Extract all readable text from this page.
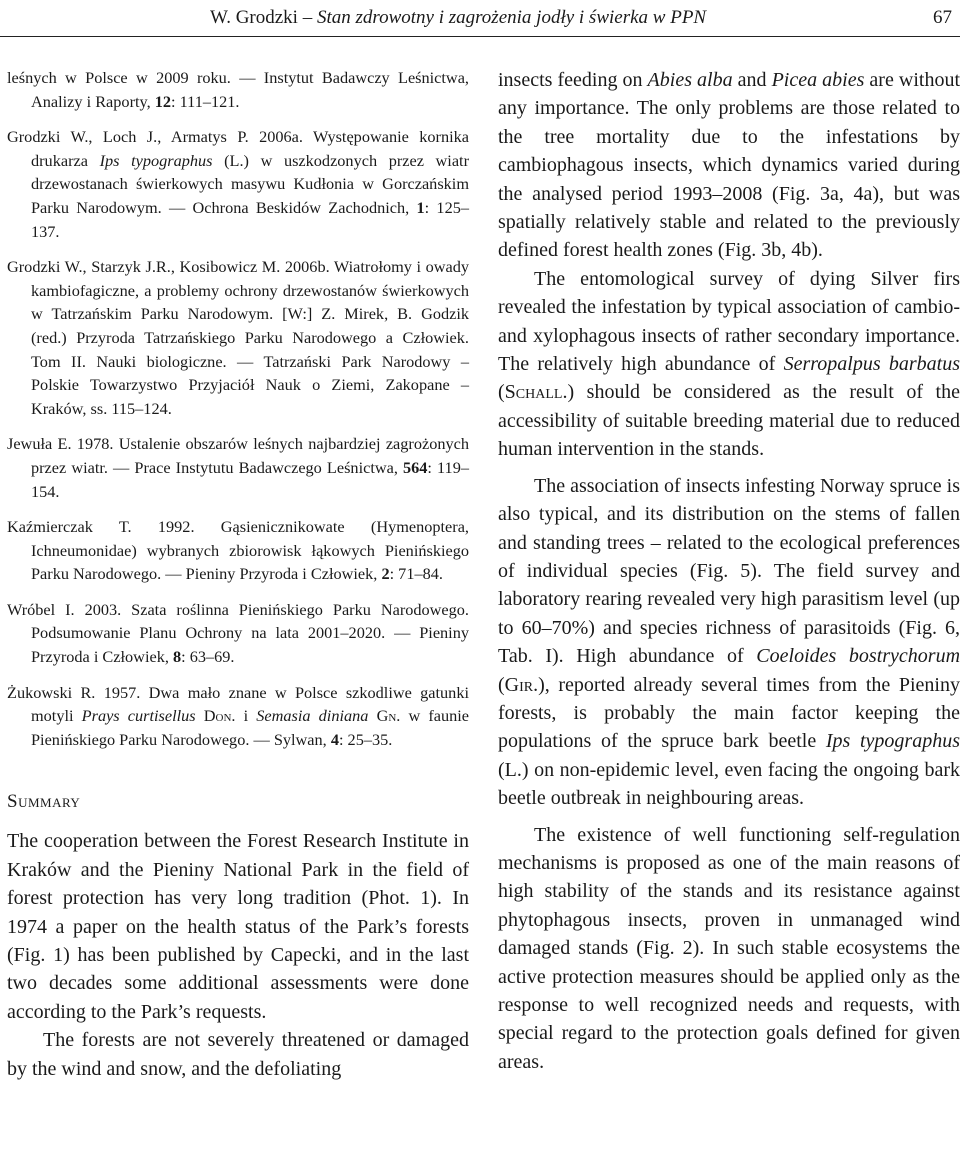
W. Grodzki – Stan zdrowotny i zagrożenia jodły i świerka w PPN	67

leśnych w Polsce w 2009 roku. — Instytut Badawczy Leśnictwa, Analizy i Raporty, 12: 111–121.

Grodzki W., Loch J., Armatys P. 2006a. Występowanie kornika drukarza Ips typographus (L.) w uszkodzonych przez wiatr drzewostanach świerkowych masywu Kudłonia w Gorczańskim Parku Narodowym. — Ochrona Beskidów Zachodnich, 1: 125–137.

Grodzki W., Starzyk J.R., Kosibowicz M. 2006b. Wiatrołomy i owady kambiofagiczne, a problemy ochrony drzewostanów świerkowych w Tatrzańskim Parku Narodowym. [W:] Z. Mirek, B. Godzik (red.) Przyroda Tatrzańskiego Parku Narodowego a Człowiek. Tom II. Nauki biologiczne. — Tatrzański Park Narodowy – Polskie Towarzystwo Przyjaciół Nauk o Ziemi, Zakopane – Kraków, ss. 115–124.

Jewuła E. 1978. Ustalenie obszarów leśnych najbardziej zagrożonych przez wiatr. — Prace Instytutu Badawczego Leśnictwa, 564: 119–154.

Kaźmierczak T. 1992. Gąsienicznikowate (Hymenoptera, Ichneumonidae) wybranych zbiorowisk łąkowych Pienińskiego Parku Narodowego. — Pieniny Przyroda i Człowiek, 2: 71–84.

Wróbel I. 2003. Szata roślinna Pienińskiego Parku Narodowego. Podsumowanie Planu Ochrony na lata 2001–2020. — Pieniny Przyroda i Człowiek, 8: 63–69.

Żukowski R. 1957. Dwa mało znane w Polsce szkodliwe gatunki motyli Prays curtisellus Don. i Semasia diniana Gn. w faunie Pienińskiego Parku Narodowego. — Sylwan, 4: 25–35.

Summary

The cooperation between the Forest Research Institute in Kraków and the Pieniny National Park in the field of forest protection has very long tradition (Phot. 1). In 1974 a paper on the health status of the Park’s forests (Fig. 1) has been published by Capecki, and in the last two decades some additional assessments were done according to the Park’s requests.

The forests are not severely threatened or damaged by the wind and snow, and the defoliating

insects feeding on Abies alba and Picea abies are without any importance. The only problems are those related to the tree mortality due to the infestations by cambiophagous insects, which dynamics varied during the analysed period 1993–2008 (Fig. 3a, 4a), but was spatially relatively stable and related to the previously defined forest health zones (Fig. 3b, 4b).

The entomological survey of dying Silver firs revealed the infestation by typical association of cambio- and xylophagous insects of rather secondary importance. The relatively high abundance of Serropalpus barbatus (Schall.) should be considered as the result of the accessibility of suitable breeding material due to reduced human intervention in the stands.

The association of insects infesting Norway spruce is also typical, and its distribution on the stems of fallen and standing trees – related to the ecological preferences of individual species (Fig. 5). The field survey and laboratory rearing revealed very high parasitism level (up to 60–70%) and species richness of parasitoids (Fig. 6, Tab. I). High abundance of Coeloides bostrychorum (Gir.), reported already several times from the Pieniny forests, is probably the main factor keeping the populations of the spruce bark beetle Ips typographus (L.) on non-epidemic level, even facing the ongoing bark beetle outbreak in neighbouring areas.

The existence of well functioning self-regulation mechanisms is proposed as one of the main reasons of high stability of the stands and its resistance against phytophagous insects, proven in unmanaged wind damaged stands (Fig. 2). In such stable ecosystems the active protection measures should be applied only as the response to well recognized needs and requests, with special regard to the protection goals defined for given areas.
